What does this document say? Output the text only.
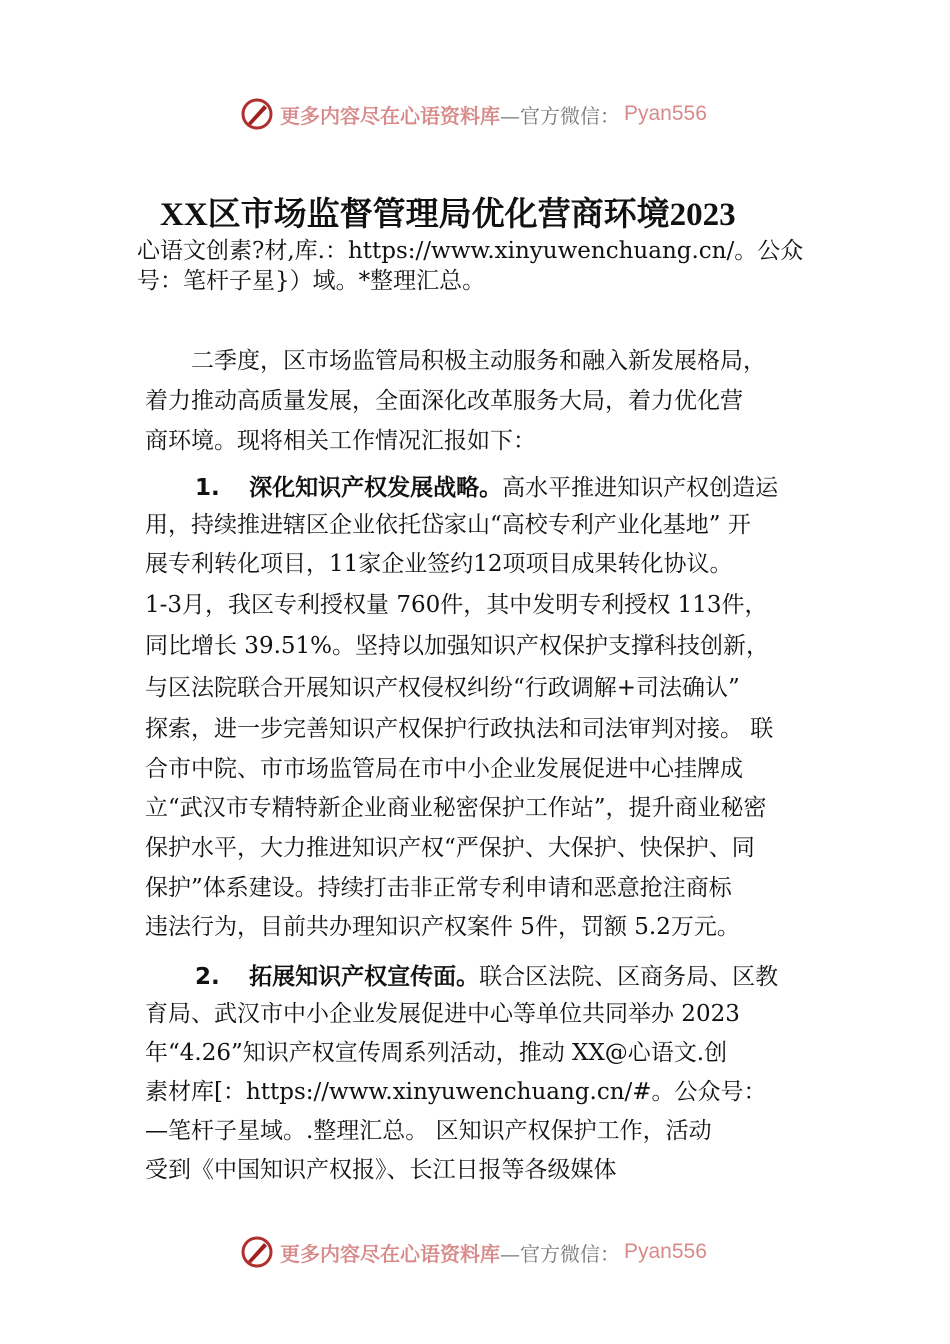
更多内容尽在心语资料库 —官方微信： Pyan556
XX区市场监督管理局优化营商环境2023
心语文创素?材,库.：https://www.xinyuwenchuang.cn/。公众
号：笔杆子星}）域。*整理汇总。
　　二季度，区市场监管局积极主动服务和融入新发展格局，
着力推动高质量发展，全面深化改革服务大局，着力优化营
商环境。现将相关工作情况汇报如下：
1. 深化知识产权发展战略。高水平推进知识产权创造运
用，持续推进辖区企业依托岱家山“高校专利产业化基地” 开
展专利转化项目，11家企业签约12项项目成果转化协议。
1-3月，我区专利授权量 760件，其中发明专利授权 113件，
同比增长 39.51%。坚持以加强知识产权保护支撑科技创新，
与区法院联合开展知识产权侵权纠纷“行政调解+司法确认”
探索，进一步完善知识产权保护行政执法和司法审判对接。 联
合市中院、市市场监管局在市中小企业发展促进中心挂牌成
立“武汉市专精特新企业商业秘密保护工作站”，提升商业秘密
保护水平，大力推进知识产权“严保护、大保护、快保护、同
保护”体系建设。持续打击非正常专利申请和恶意抢注商标
违法行为，目前共办理知识产权案件 5件，罚额 5.2万元。
2. 拓展知识产权宣传面。联合区法院、区商务局、区教
育局、武汉市中小企业发展促进中心等单位共同举办 2023
年“4.26”知识产权宣传周系列活动，推动 XX@心语文.创
素材库[：https://www.xinyuwenchuang.cn/#。公众号：
—笔杆子星域。.整理汇总。 区知识产权保护工作，活动
受到《中国知识产权报》、长江日报等各级媒体
更多内容尽在心语资料库 —官方微信： Pyan556
